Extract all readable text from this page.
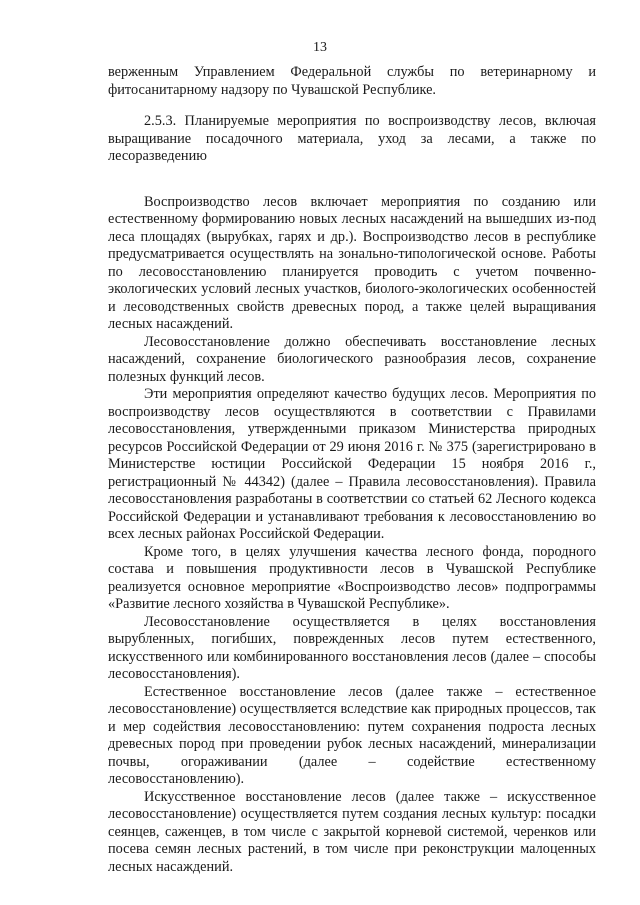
13

верженным Управлением Федеральной службы по ветеринарному и фитосанитарному надзору по Чувашской Республике.

2.5.3. Планируемые мероприятия по воспроизводству лесов, включая выращивание посадочного материала, уход за лесами, а также по лесоразведению

Воспроизводство лесов включает мероприятия по созданию или естественному формированию новых лесных насаждений на вышедших из-под леса площадях (вырубках, гарях и др.). Воспроизводство лесов в республике предусматривается осуществлять на зонально-типологической основе. Работы по лесовосстановлению планируется проводить с учетом почвенно-экологических условий лесных участков, биолого-экологических особенностей и лесоводственных свойств древесных пород, а также целей выращивания лесных насаждений.

Лесовосстановление должно обеспечивать восстановление лесных насаждений, сохранение биологического разнообразия лесов, сохранение полезных функций лесов.

Эти мероприятия определяют качество будущих лесов. Мероприятия по воспроизводству лесов осуществляются в соответствии с Правилами лесовосстановления, утвержденными приказом Министерства природных ресурсов Российской Федерации от 29 июня 2016 г. № 375 (зарегистрировано в Министерстве юстиции Российской Федерации 15 ноября 2016 г., регистрационный № 44342) (далее – Правила лесовосстановления). Правила лесовосстановления разработаны в соответствии со статьей 62 Лесного кодекса Российской Федерации и устанавливают требования к лесовосстановлению во всех лесных районах Российской Федерации.

Кроме того, в целях улучшения качества лесного фонда, породного состава и повышения продуктивности лесов в Чувашской Республике реализуется основное мероприятие «Воспроизводство лесов» подпрограммы «Развитие лесного хозяйства в Чувашской Республике».

Лесовосстановление осуществляется в целях восстановления вырубленных, погибших, поврежденных лесов путем естественного, искусственного или комбинированного восстановления лесов (далее – способы лесовосстановления).

Естественное восстановление лесов (далее также – естественное лесовосстановление) осуществляется вследствие как природных процессов, так и мер содействия лесовосстановлению: путем сохранения подроста лесных древесных пород при проведении рубок лесных насаждений, минерализации почвы, огораживании (далее – содействие естественному лесовосстановлению).

Искусственное восстановление лесов (далее также – искусственное лесовосстановление) осуществляется путем создания лесных культур: посадки сеянцев, саженцев, в том числе с закрытой корневой системой, черенков или посева семян лесных растений, в том числе при реконструкции малоценных лесных насаждений.
